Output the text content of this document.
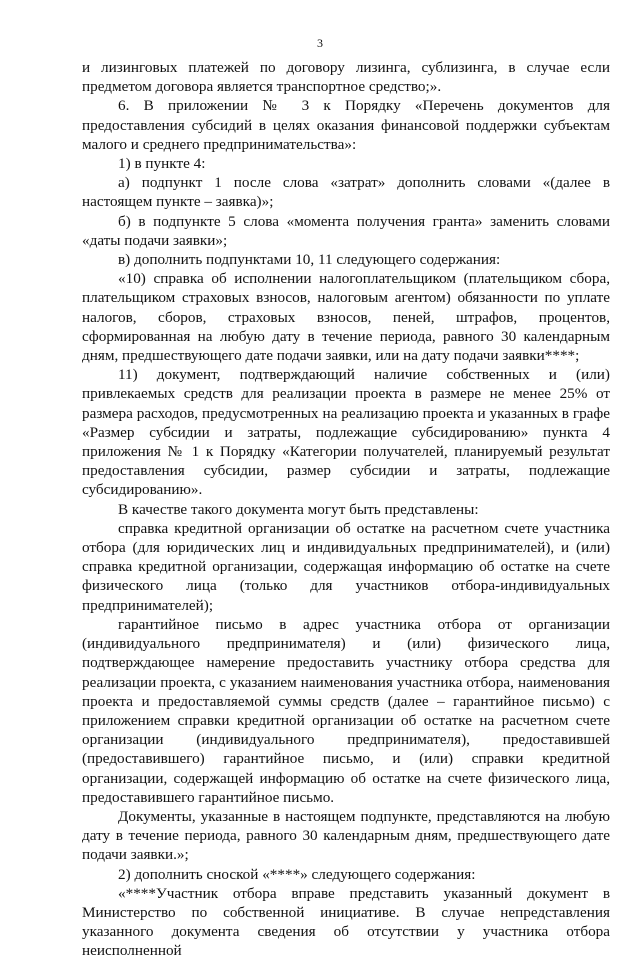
3

и лизинговых платежей по договору лизинга, сублизинга, в случае если предметом договора является транспортное средство;».

6. В приложении № 3 к Порядку «Перечень документов для предоставления субсидий в целях оказания финансовой поддержки субъектам малого и среднего предпринимательства»:

1) в пункте 4:

а) подпункт 1 после слова «затрат» дополнить словами «(далее в настоящем пункте – заявка)»;

б) в подпункте 5 слова «момента получения гранта» заменить словами «даты подачи заявки»;

в) дополнить подпунктами 10, 11 следующего содержания:

«10) справка об исполнении налогоплательщиком (плательщиком сбора, плательщиком страховых взносов, налоговым агентом) обязанности по уплате налогов, сборов, страховых взносов, пеней, штрафов, процентов, сформированная на любую дату в течение периода, равного 30 календарным дням, предшествующего дате подачи заявки, или на дату подачи заявки****;

11) документ, подтверждающий наличие собственных и (или) привлекаемых средств для реализации проекта в размере не менее 25% от размера расходов, предусмотренных на реализацию проекта и указанных в графе «Размер субсидии и затраты, подлежащие субсидированию» пункта 4 приложения № 1 к Порядку «Категории получателей, планируемый результат предоставления субсидии, размер субсидии и затраты, подлежащие субсидированию».

В качестве такого документа могут быть представлены:

справка кредитной организации об остатке на расчетном счете участника отбора (для юридических лиц и индивидуальных предпринимателей), и (или) справка кредитной организации, содержащая информацию об остатке на счете физического лица (только для участников отбора-индивидуальных предпринимателей);

гарантийное письмо в адрес участника отбора от организации (индивидуального предпринимателя) и (или) физического лица, подтверждающее намерение предоставить участнику отбора средства для реализации проекта, с указанием наименования участника отбора, наименования проекта и предоставляемой суммы средств (далее – гарантийное письмо) с приложением справки кредитной организации об остатке на расчетном счете организации (индивидуального предпринимателя), предоставившей (предоставившего) гарантийное письмо, и (или) справки кредитной организации, содержащей информацию об остатке на счете физического лица, предоставившего гарантийное письмо.

Документы, указанные в настоящем подпункте, представляются на любую дату в течение периода, равного 30 календарным дням, предшествующего дате подачи заявки.»;

2) дополнить сноской «****» следующего содержания:

«****Участник отбора вправе представить указанный документ в Министерство по собственной инициативе. В случае непредставления указанного документа сведения об отсутствии у участника отбора неисполненной
